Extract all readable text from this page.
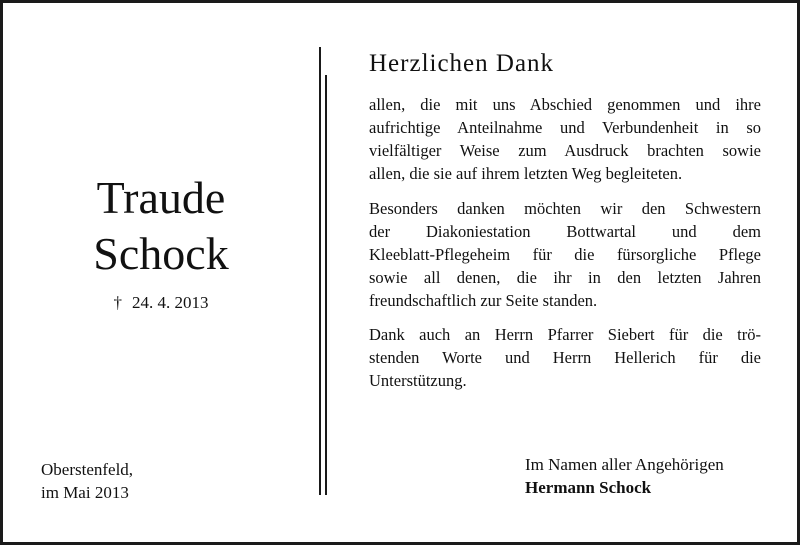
Traude
Schock
† 24. 4. 2013
Oberstenfeld,
im Mai 2013
Herzlichen Dank
allen, die mit uns Abschied genommen und ihre
aufrichtige Anteilnahme und Verbundenheit in so
vielfältiger Weise zum Ausdruck brachten sowie
allen, die sie auf ihrem letzten Weg begleiteten.
Besonders danken möchten wir den Schwestern
der Diakoniestation Bottwartal und dem
Kleeblatt-Pflegeheim für die fürsorgliche Pflege
sowie all denen, die ihr in den letzten Jahren
freundschaftlich zur Seite standen.
Dank auch an Herrn Pfarrer Siebert für die trö-
stenden Worte und Herrn Hellerich für die
Unterstützung.
Im Namen aller Angehörigen
Hermann Schock
